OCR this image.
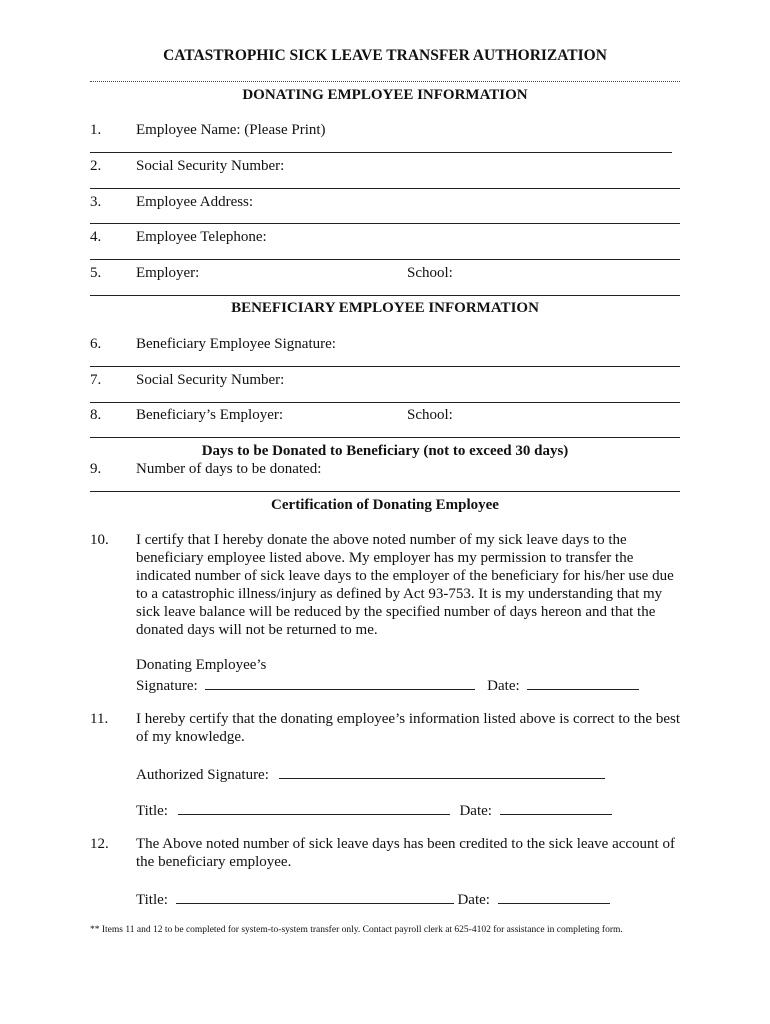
CATASTROPHIC SICK LEAVE TRANSFER AUTHORIZATION
DONATING EMPLOYEE INFORMATION
1. Employee Name: (Please Print)
2. Social Security Number:
3. Employee Address:
4. Employee Telephone:
5. Employer:	School:
BENEFICIARY EMPLOYEE INFORMATION
6. Beneficiary Employee Signature:
7. Social Security Number:
8. Beneficiary’s Employer:	School:
Days to be Donated to Beneficiary (not to exceed 30 days)
9. Number of days to be donated:
Certification of Donating Employee
10. I certify that I hereby donate the above noted number of my sick leave days to the beneficiary employee listed above. My employer has my permission to transfer the indicated number of sick leave days to the employer of the beneficiary for his/her use due to a catastrophic illness/injury as defined by Act 93-753. It is my understanding that my sick leave balance will be reduced by the specified number of days hereon and that the donated days will not be returned to me.
Donating Employee’s
Signature:	Date:
11. I hereby certify that the donating employee’s information listed above is correct to the best of my knowledge.
Authorized Signature:
Title:	Date:
12. The Above noted number of sick leave days has been credited to the sick leave account of the beneficiary employee.
Title:	Date:
** Items 11 and 12 to be completed for system-to-system transfer only. Contact payroll clerk at 625-4102 for assistance in completing form.
